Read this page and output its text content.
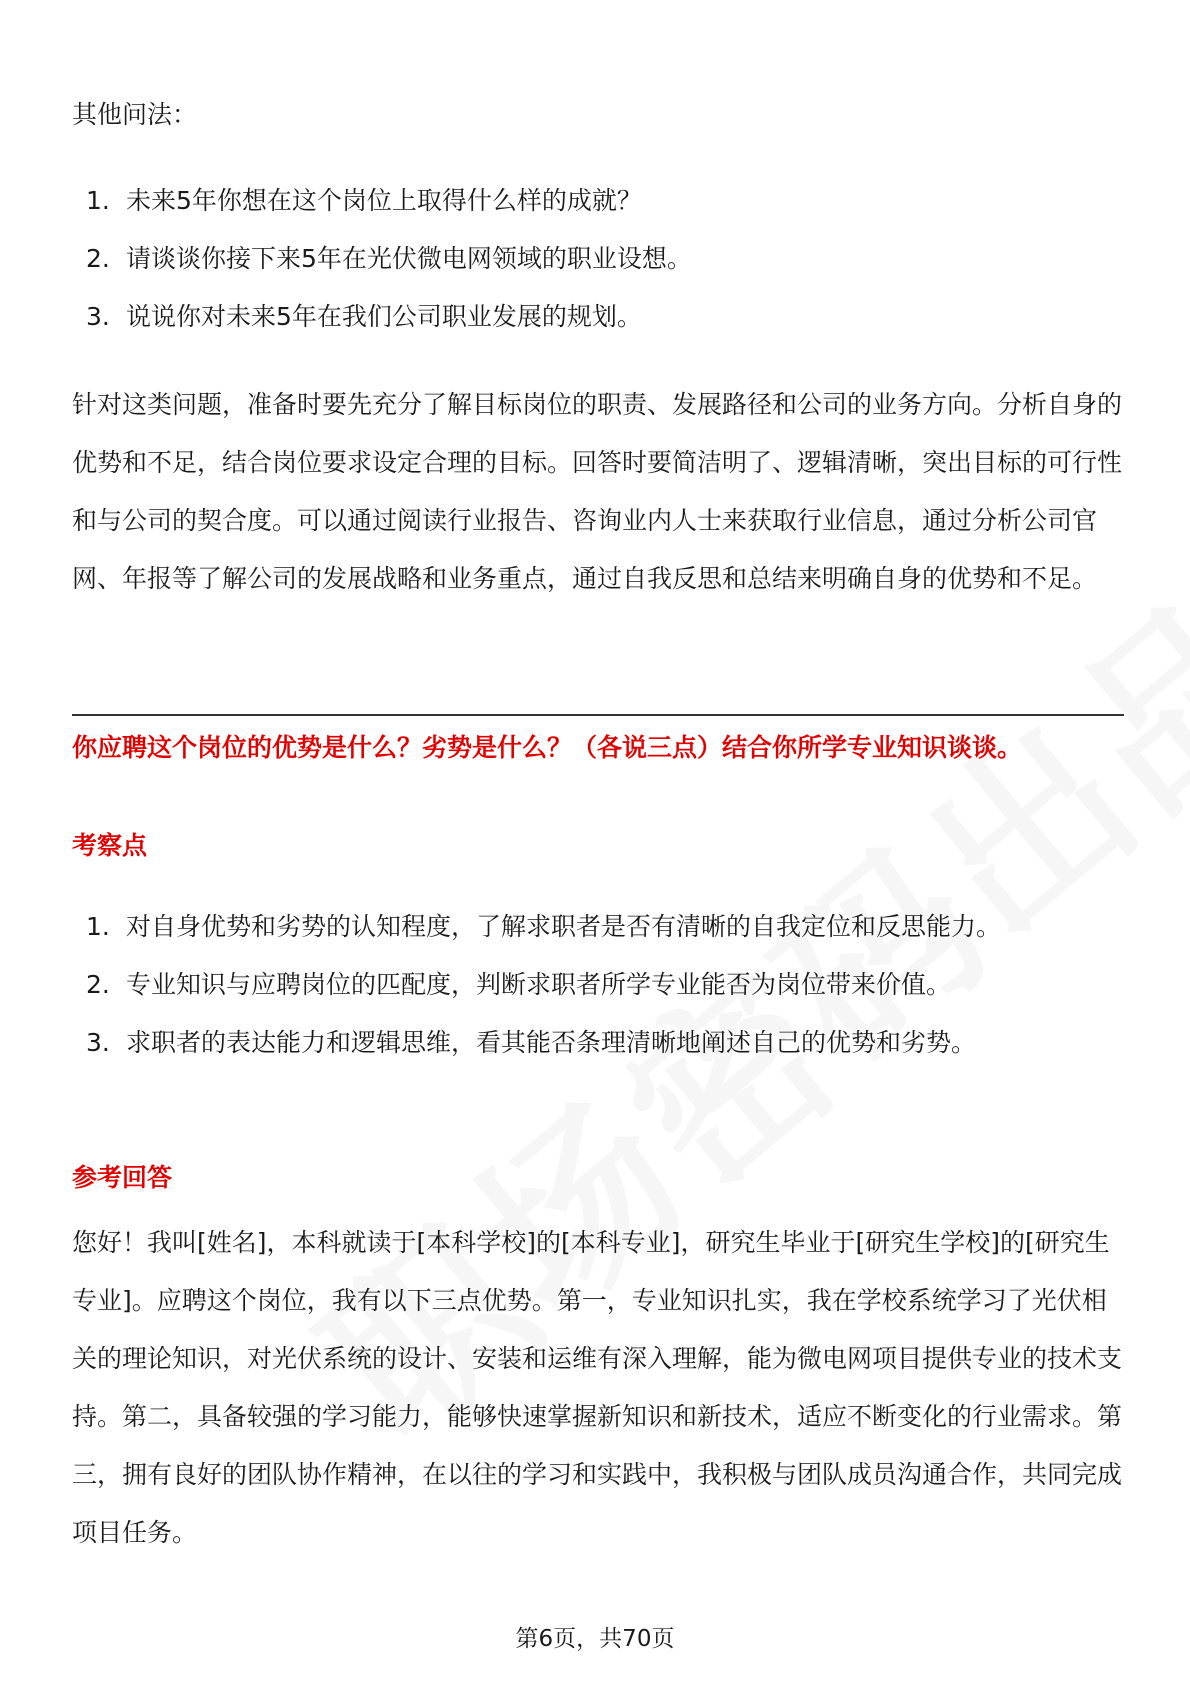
其他问法：

1. 未来5年你想在这个岗位上取得什么样的成就？
2. 请谈谈你接下来5年在光伏微电网领域的职业设想。
3. 说说你对未来5年在我们公司职业发展的规划。

针对这类问题，准备时要先充分了解目标岗位的职责、发展路径和公司的业务方向。分析自身的优势和不足，结合岗位要求设定合理的目标。回答时要简洁明了、逻辑清晰，突出目标的可行性和与公司的契合度。可以通过阅读行业报告、咨询业内人士来获取行业信息，通过分析公司官网、年报等了解公司的发展战略和业务重点，通过自我反思和总结来明确自身的优势和不足。

你应聘这个岗位的优势是什么？劣势是什么？（各说三点）结合你所学专业知识谈谈。
考察点
1. 对自身优势和劣势的认知程度，了解求职者是否有清晰的自我定位和反思能力。
2. 专业知识与应聘岗位的匹配度，判断求职者所学专业能否为岗位带来价值。
3. 求职者的表达能力和逻辑思维，看其能否条理清晰地阐述自己的优势和劣势。
参考回答

您好！我叫[姓名]，本科就读于[本科学校]的[本科专业]，研究生毕业于[研究生学校]的[研究生专业]。应聘这个岗位，我有以下三点优势。第一，专业知识扎实，我在学校系统学习了光伏相关的理论知识，对光伏系统的设计、安装和运维有深入理解，能为微电网项目提供专业的技术支持。第二，具备较强的学习能力，能够快速掌握新知识和新技术，适应不断变化的行业需求。第三，拥有良好的团队协作精神，在以往的学习和实践中，我积极与团队成员沟通合作，共同完成项目任务。

第6页，共70页
